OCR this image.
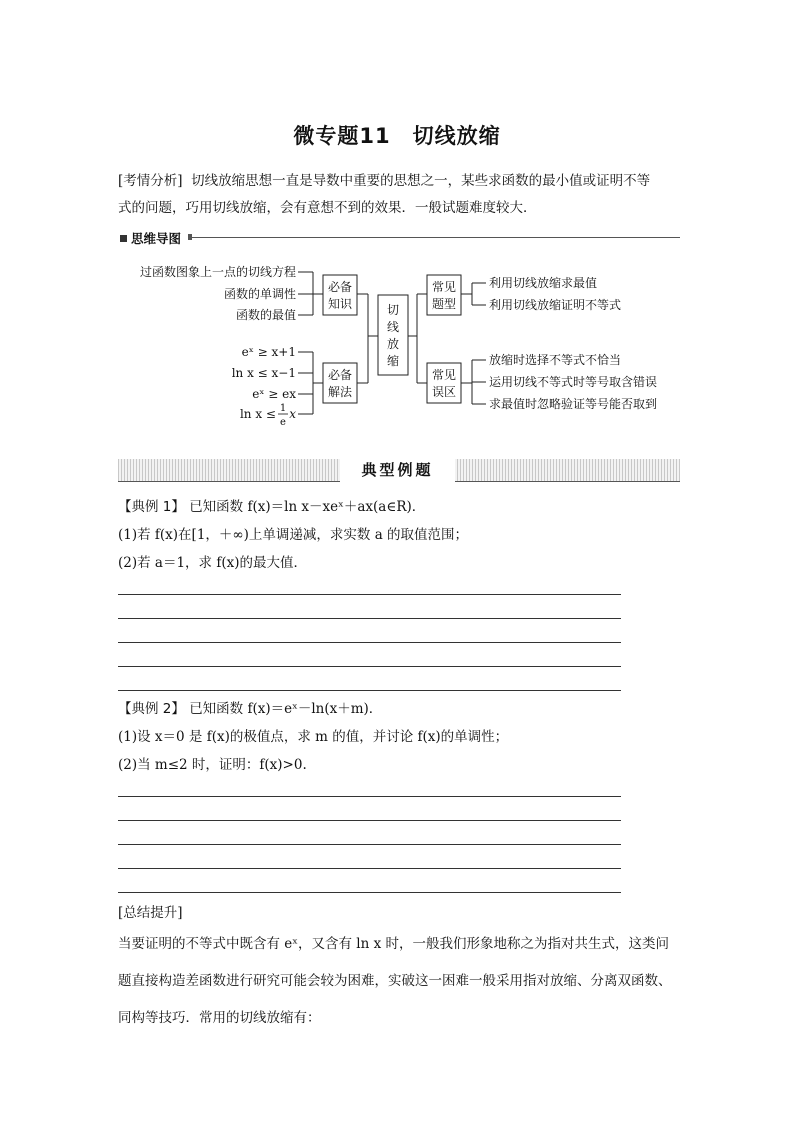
微专题11 切线放缩
[考情分析] 切线放缩思想一直是导数中重要的思想之一，某些求函数的最小值或证明不等
式的问题，巧用切线放缩，会有意想不到的效果．一般试题难度较大．
思维导图
过函数图象上一点的切线方程
函数的单调性
函数的最值
eˣ ≥ x+1
ln x ≤ x−1
eˣ ≥ ex
ln x ≤ 1
e
x
必备
知识
必备
解法
切
线
放
缩
常见
题型
常见
误区
利用切线放缩求最值
利用切线放缩证明不等式
放缩时选择不等式不恰当
运用切线不等式时等号取含错误
求最值时忽略验证等号能否取到
典型例题
【典例 1】 已知函数 f(x)＝ln x－xeˣ＋ax(a∈R)．
(1)若 f(x)在[1，＋∞)上单调递减，求实数 a 的取值范围；
(2)若 a＝1，求 f(x)的最大值．
【典例 2】 已知函数 f(x)＝eˣ－ln(x＋m)．
(1)设 x＝0 是 f(x)的极值点，求 m 的值，并讨论 f(x)的单调性；
(2)当 m≤2 时，证明：f(x)>0.
[总结提升]
当要证明的不等式中既含有 eˣ，又含有 ln x 时，一般我们形象地称之为指对共生式，这类问
题直接构造差函数进行研究可能会较为困难，实破这一困难一般采用指对放缩、分离双函数、
同构等技巧．常用的切线放缩有：
